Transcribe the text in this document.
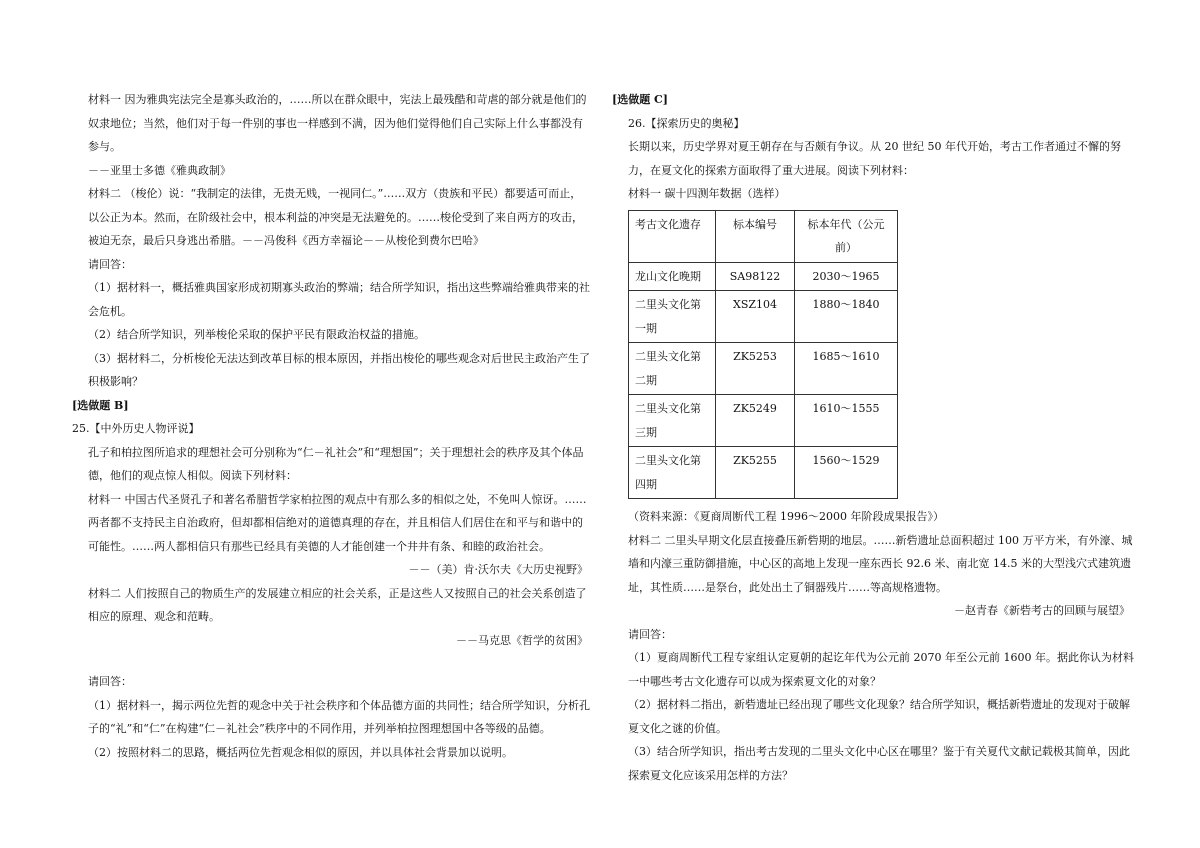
材料一 因为雅典宪法完全是寡头政治的，……所以在群众眼中，宪法上最残酷和苛虐的部分就是他们的奴隶地位；当然，他们对于每一件别的事也一样感到不满，因为他们觉得他们自己实际上什么事都没有参与。

－－亚里士多德《雅典政制》

材料二 （梭伦）说：“我制定的法律，无贵无贱，一视同仁。”……双方（贵族和平民）都要适可而止，以公正为本。然而，在阶级社会中，根本利益的冲突是无法避免的。……梭伦受到了来自两方的攻击，被迫无奈，最后只身逃出希腊。－－冯俊科《西方幸福论－－从梭伦到费尔巴哈》

请回答：

（1）据材料一，概括雅典国家形成初期寡头政治的弊端；结合所学知识，指出这些弊端给雅典带来的社会危机。

（2）结合所学知识，列举梭伦采取的保护平民有限政治权益的措施。

（3）据材料二，分析梭伦无法达到改革目标的根本原因，并指出梭伦的哪些观念对后世民主政治产生了积极影响？

[选做题 B]

25.【中外历史人物评说】

孔子和柏拉图所追求的理想社会可分别称为“仁－礼社会”和“理想国”；关于理想社会的秩序及其个体品德，他们的观点惊人相似。阅读下列材料：

材料一 中国古代圣贤孔子和著名希腊哲学家柏拉图的观点中有那么多的相似之处，不免叫人惊讶。……两者都不支持民主自治政府，但却都相信绝对的道德真理的存在，并且相信人们居住在和平与和谐中的可能性。……两人都相信只有那些已经具有美德的人才能创建一个井井有条、和睦的政治社会。

－－（美）肯·沃尔夫《大历史视野》

材料二 人们按照自己的物质生产的发展建立相应的社会关系，正是这些人又按照自己的社会关系创造了相应的原理、观念和范畴。

－－马克思《哲学的贫困》

请回答：

（1）据材料一，揭示两位先哲的观念中关于社会秩序和个体品德方面的共同性；结合所学知识，分析孔子的“礼”和“仁”在构建“仁－礼社会”秩序中的不同作用，并列举柏拉图理想国中各等级的品德。

（2）按照材料二的思路，概括两位先哲观念相似的原因，并以具体社会背景加以说明。

[选做题 C]

26.【探索历史的奥秘】

长期以来，历史学界对夏王朝存在与否颇有争议。从 20 世纪 50 年代开始，考古工作者通过不懈的努力，在夏文化的探索方面取得了重大进展。阅读下列材料：

材料一 碳十四测年数据（选样）

考古文化遗存	标本编号	标本年代（公元前）
龙山文化晚期	SA98122	2030～1965
二里头文化第一期	XSZ104	1880～1840
二里头文化第二期	ZK5253	1685～1610
二里头文化第三期	ZK5249	1610～1555
二里头文化第四期	ZK5255	1560～1529

（资料来源：《夏商周断代工程 1996～2000 年阶段成果报告》）

材料二 二里头早期文化层直接叠压新砦期的地层。……新砦遗址总面积超过 100 万平方米，有外濠、城墙和内濠三重防御措施，中心区的高地上发现一座东西长 92.6 米、南北宽 14.5 米的大型浅穴式建筑遗址，其性质……是祭台，此处出土了铜器残片……等高规格遗物。

－赵青春《新砦考古的回顾与展望》

请回答：

（1）夏商周断代工程专家组认定夏朝的起讫年代为公元前 2070 年至公元前 1600 年。据此你认为材料一中哪些考古文化遗存可以成为探索夏文化的对象？

（2）据材料二指出，新砦遗址已经出现了哪些文化现象？结合所学知识，概括新砦遗址的发现对于破解夏文化之谜的价值。

（3）结合所学知识，指出考古发现的二里头文化中心区在哪里？鉴于有关夏代文献记载极其简单，因此探索夏文化应该采用怎样的方法？
